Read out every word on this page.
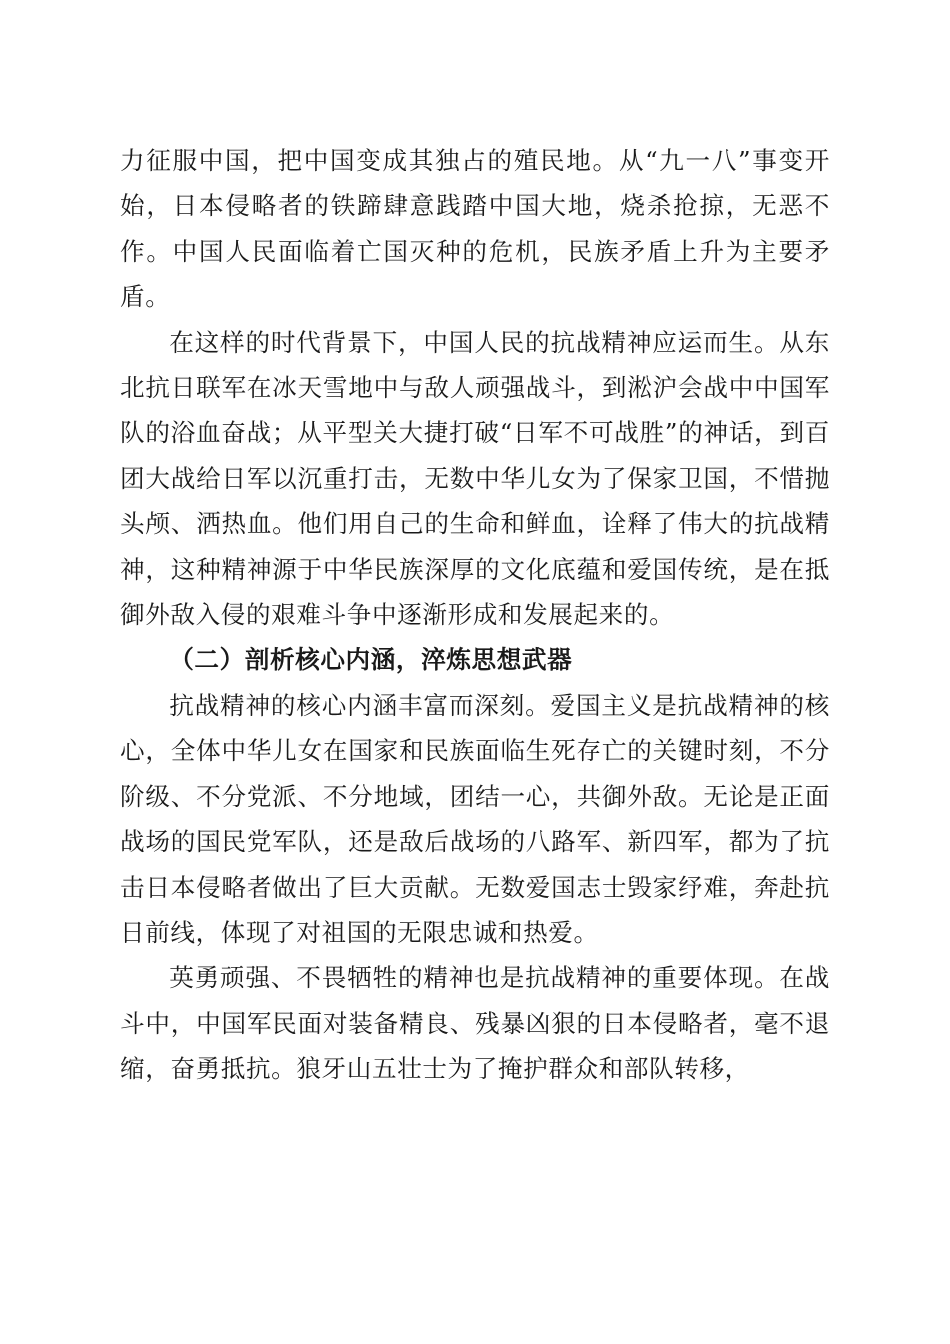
力征服中国，把中国变成其独占的殖民地。从“九一八”事变开始，日本侵略者的铁蹄肆意践踏中国大地，烧杀抢掠，无恶不作。中国人民面临着亡国灭种的危机，民族矛盾上升为主要矛盾。

在这样的时代背景下，中国人民的抗战精神应运而生。从东北抗日联军在冰天雪地中与敌人顽强战斗，到淞沪会战中中国军队的浴血奋战；从平型关大捷打破“日军不可战胜”的神话，到百团大战给日军以沉重打击，无数中华儿女为了保家卫国，不惜抛头颅、洒热血。他们用自己的生命和鲜血，诠释了伟大的抗战精神，这种精神源于中华民族深厚的文化底蕴和爱国传统，是在抵御外敌入侵的艰难斗争中逐渐形成和发展起来的。

（二）剖析核心内涵，淬炼思想武器

抗战精神的核心内涵丰富而深刻。爱国主义是抗战精神的核心，全体中华儿女在国家和民族面临生死存亡的关键时刻，不分阶级、不分党派、不分地域，团结一心，共御外敌。无论是正面战场的国民党军队，还是敌后战场的八路军、新四军，都为了抗击日本侵略者做出了巨大贡献。无数爱国志士毁家纾难，奔赴抗日前线，体现了对祖国的无限忠诚和热爱。

英勇顽强、不畏牺牲的精神也是抗战精神的重要体现。在战斗中，中国军民面对装备精良、残暴凶狠的日本侵略者，毫不退缩，奋勇抵抗。狼牙山五壮士为了掩护群众和部队转移，
